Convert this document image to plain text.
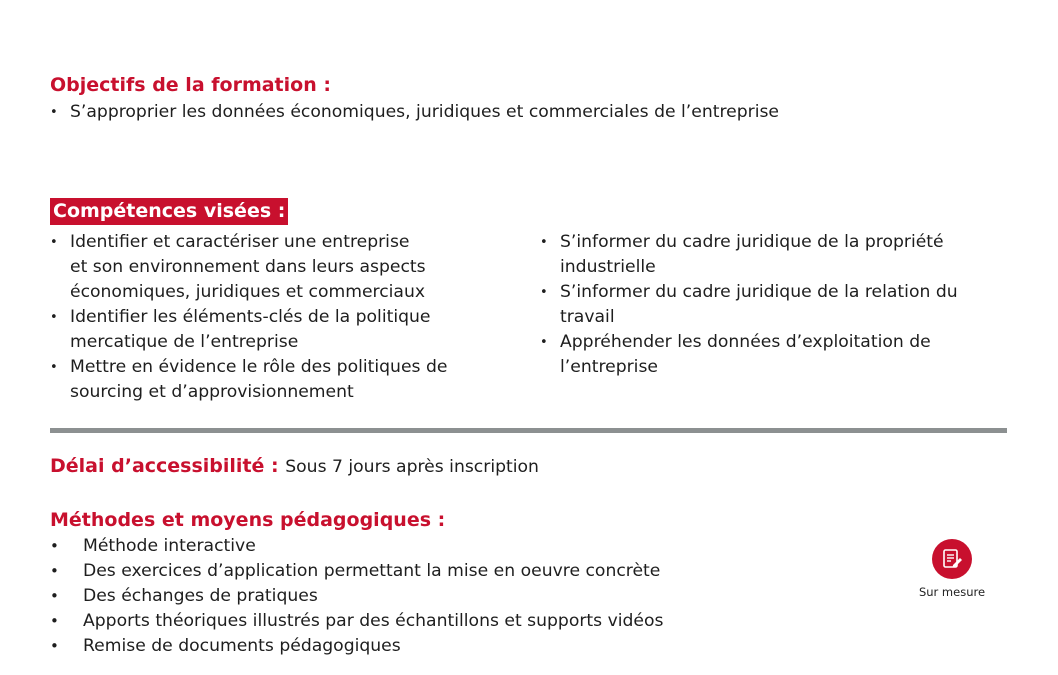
Objectifs de la formation :
• S’approprier les données économiques, juridiques et commerciales de l’entreprise
Compétences visées :
• Identifier et caractériser une entreprise
et son environnement dans leurs aspects
économiques, juridiques et commerciaux
• Identifier les éléments-clés de la politique
mercatique de l’entreprise
• Mettre en évidence le rôle des politiques de
sourcing et d’approvisionnement
• S’informer du cadre juridique de la propriété
industrielle
• S’informer du cadre juridique de la relation du
travail
• Appréhender les données d’exploitation de
l’entreprise
Délai d’accessibilité : Sous 7 jours après inscription
Méthodes et moyens pédagogiques :
• Méthode interactive
• Des exercices d’application permettant la mise en oeuvre concrète
• Des échanges de pratiques
• Apports théoriques illustrés par des échantillons et supports vidéos
• Remise de documents pédagogiques
Sur mesure
